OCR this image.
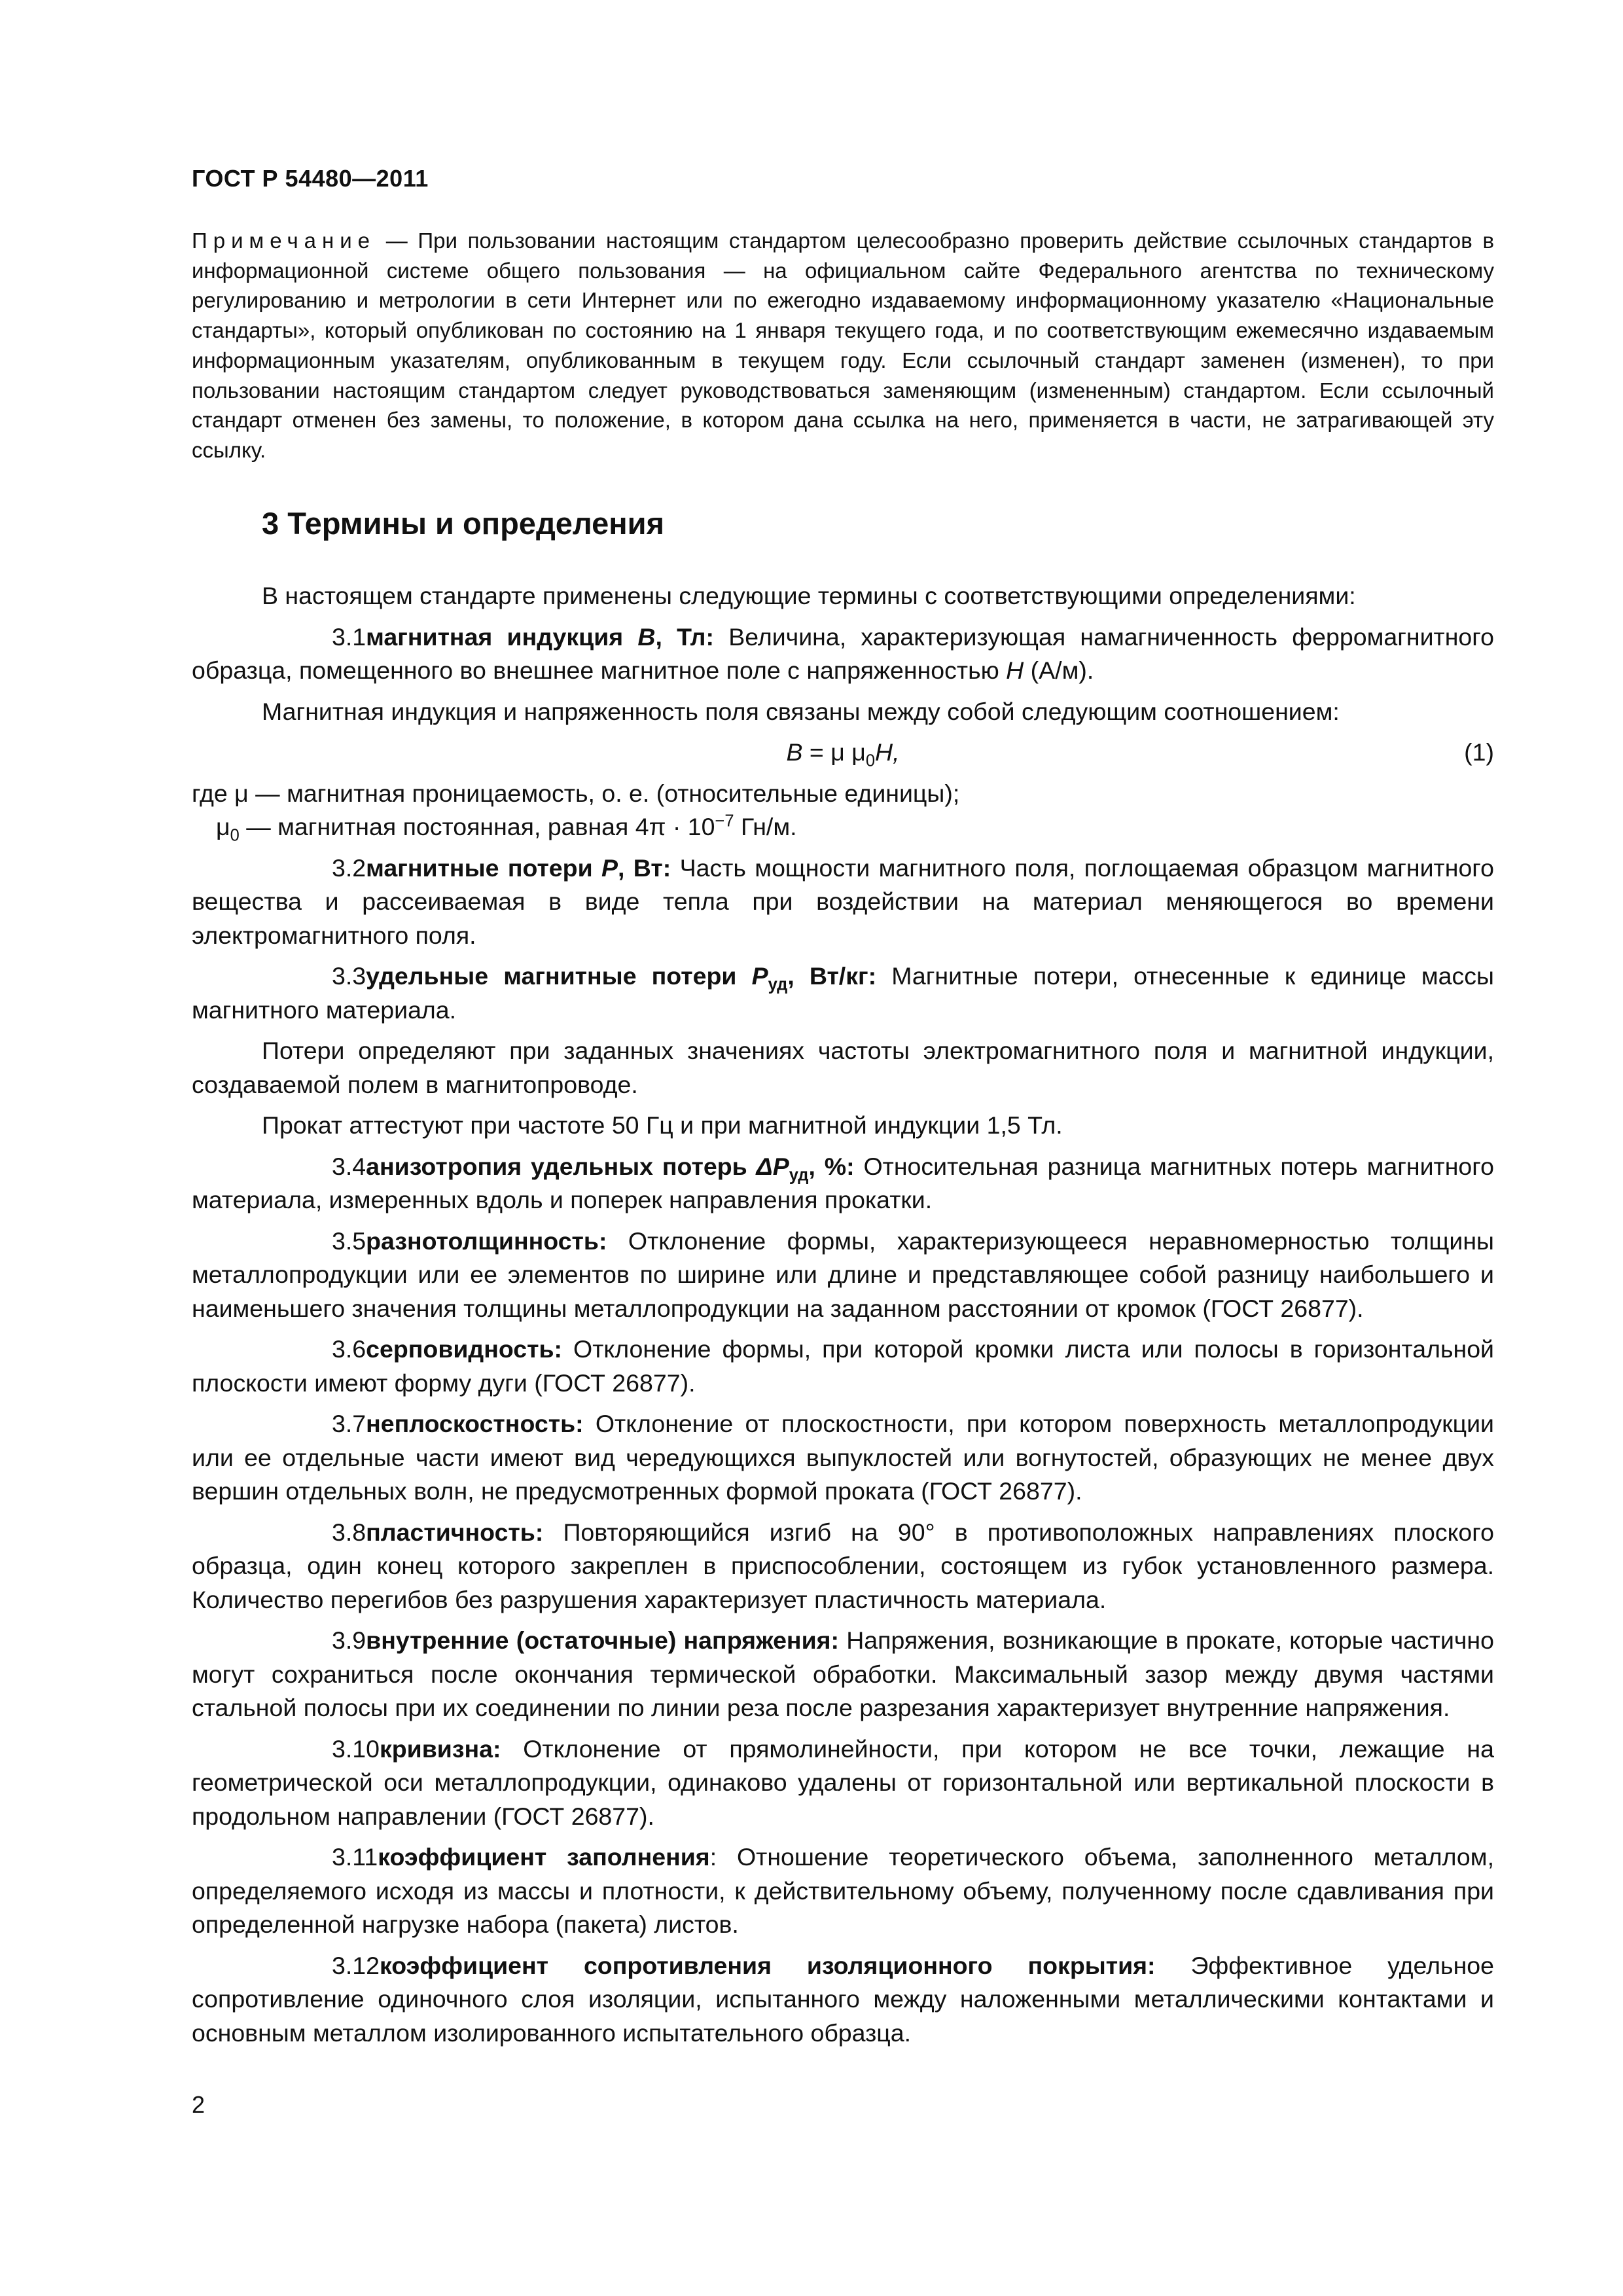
ГОСТ Р 54480—2011
Примечание — При пользовании настоящим стандартом целесообразно проверить действие ссылочных стандартов в информационной системе общего пользования — на официальном сайте Федерального агентства по техническому регулированию и метрологии в сети Интернет или по ежегодно издаваемому информационному указателю «Национальные стандарты», который опубликован по состоянию на 1 января текущего года, и по соответствующим ежемесячно издаваемым информационным указателям, опубликованным в текущем году. Если ссылочный стандарт заменен (изменен), то при пользовании настоящим стандартом следует руководствоваться заменяющим (измененным) стандартом. Если ссылочный стандарт отменен без замены, то положение, в котором дана ссылка на него, применяется в части, не затрагивающей эту ссылку.
3 Термины и определения

В настоящем стандарте применены следующие термины с соответствующими определениями:

3.1магнитная индукция B, Тл: Величина, характеризующая намагниченность ферромагнитного образца, помещенного во внешнее магнитное поле с напряженностью H (А/м).

Магнитная индукция и напряженность поля связаны между собой следующим соотношением:

B = μ $\mu_0H$,	(1)

где μ — магнитная проницаемость, о. е. (относительные единицы);

$\mu_0$ — магнитная постоянная, равная $4\pi \cdot 10^{-7}$ Гн/м.

3.2магнитные потери P, Вт: Часть мощности магнитного поля, поглощаемая образцом магнитного вещества и рассеиваемая в виде тепла при воздействии на материал меняющегося во времени электромагнитного поля.

3.3удельные магнитные потери $P_{уд}$, Вт/кг: Магнитные потери, отнесенные к единице массы магнитного материала.

Потери определяют при заданных значениях частоты электромагнитного поля и магнитной индукции, создаваемой полем в магнитопроводе.

Прокат аттестуют при частоте 50 Гц и при магнитной индукции 1,5 Тл.

3.4анизотропия удельных потерь $\Delta P_{уд}$, %: Относительная разница магнитных потерь магнитного материала, измеренных вдоль и поперек направления прокатки.

3.5разнотолщинность: Отклонение формы, характеризующееся неравномерностью толщины металлопродукции или ее элементов по ширине или длине и представляющее собой разницу наибольшего и наименьшего значения толщины металлопродукции на заданном расстоянии от кромок (ГОСТ 26877).

3.6серповидность: Отклонение формы, при которой кромки листа или полосы в горизонтальной плоскости имеют форму дуги (ГОСТ 26877).

3.7неплоскостность: Отклонение от плоскостности, при котором поверхность металлопродукции или ее отдельные части имеют вид чередующихся выпуклостей или вогнутостей, образующих не менее двух вершин отдельных волн, не предусмотренных формой проката (ГОСТ 26877).

3.8пластичность: Повторяющийся изгиб на 90° в противоположных направлениях плоского образца, один конец которого закреплен в приспособлении, состоящем из губок установленного размера. Количество перегибов без разрушения характеризует пластичность материала.

3.9внутренние (остаточные) напряжения: Напряжения, возникающие в прокате, которые частично могут сохраниться после окончания термической обработки. Максимальный зазор между двумя частями стальной полосы при их соединении по линии реза после разрезания характеризует внутренние напряжения.

3.10кривизна: Отклонение от прямолинейности, при котором не все точки, лежащие на геометрической оси металлопродукции, одинаково удалены от горизонтальной или вертикальной плоскости в продольном направлении (ГОСТ 26877).

3.11коэффициент заполнения: Отношение теоретического объема, заполненного металлом, определяемого исходя из массы и плотности, к действительному объему, полученному после сдавливания при определенной нагрузке набора (пакета) листов.

3.12коэффициент сопротивления изоляционного покрытия: Эффективное удельное сопротивление одиночного слоя изоляции, испытанного между наложенными металлическими контактами и основным металлом изолированного испытательного образца.

2
